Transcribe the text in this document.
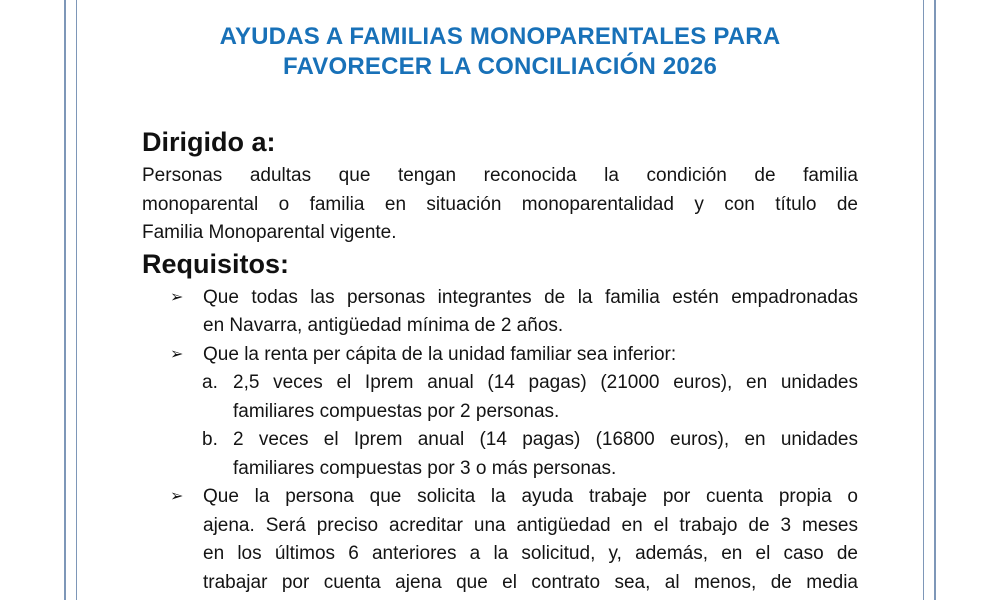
AYUDAS A FAMILIAS MONOPARENTALES PARA
FAVORECER LA CONCILIACIÓN 2026
Dirigido a:
Personas adultas que tengan reconocida la condición de familia
monoparental o familia en situación monoparentalidad y con título de
Familia Monoparental vigente.
Requisitos:
➢	Que todas las personas integrantes de la familia estén empadronadas
en Navarra, antigüedad mínima de 2 años.
➢	Que la renta per cápita de la unidad familiar sea inferior:
a. 2,5 veces el Iprem anual (14 pagas) (21000 euros), en unidades
familiares compuestas por 2 personas.
b. 2 veces el Iprem anual (14 pagas) (16800 euros), en unidades
familiares compuestas por 3 o más personas.
➢	Que la persona que solicita la ayuda trabaje por cuenta propia o
ajena. Será preciso acreditar una antigüedad en el trabajo de 3 meses
en los últimos 6 anteriores a la solicitud, y, además, en el caso de
trabajar por cuenta ajena que el contrato sea, al menos, de media
